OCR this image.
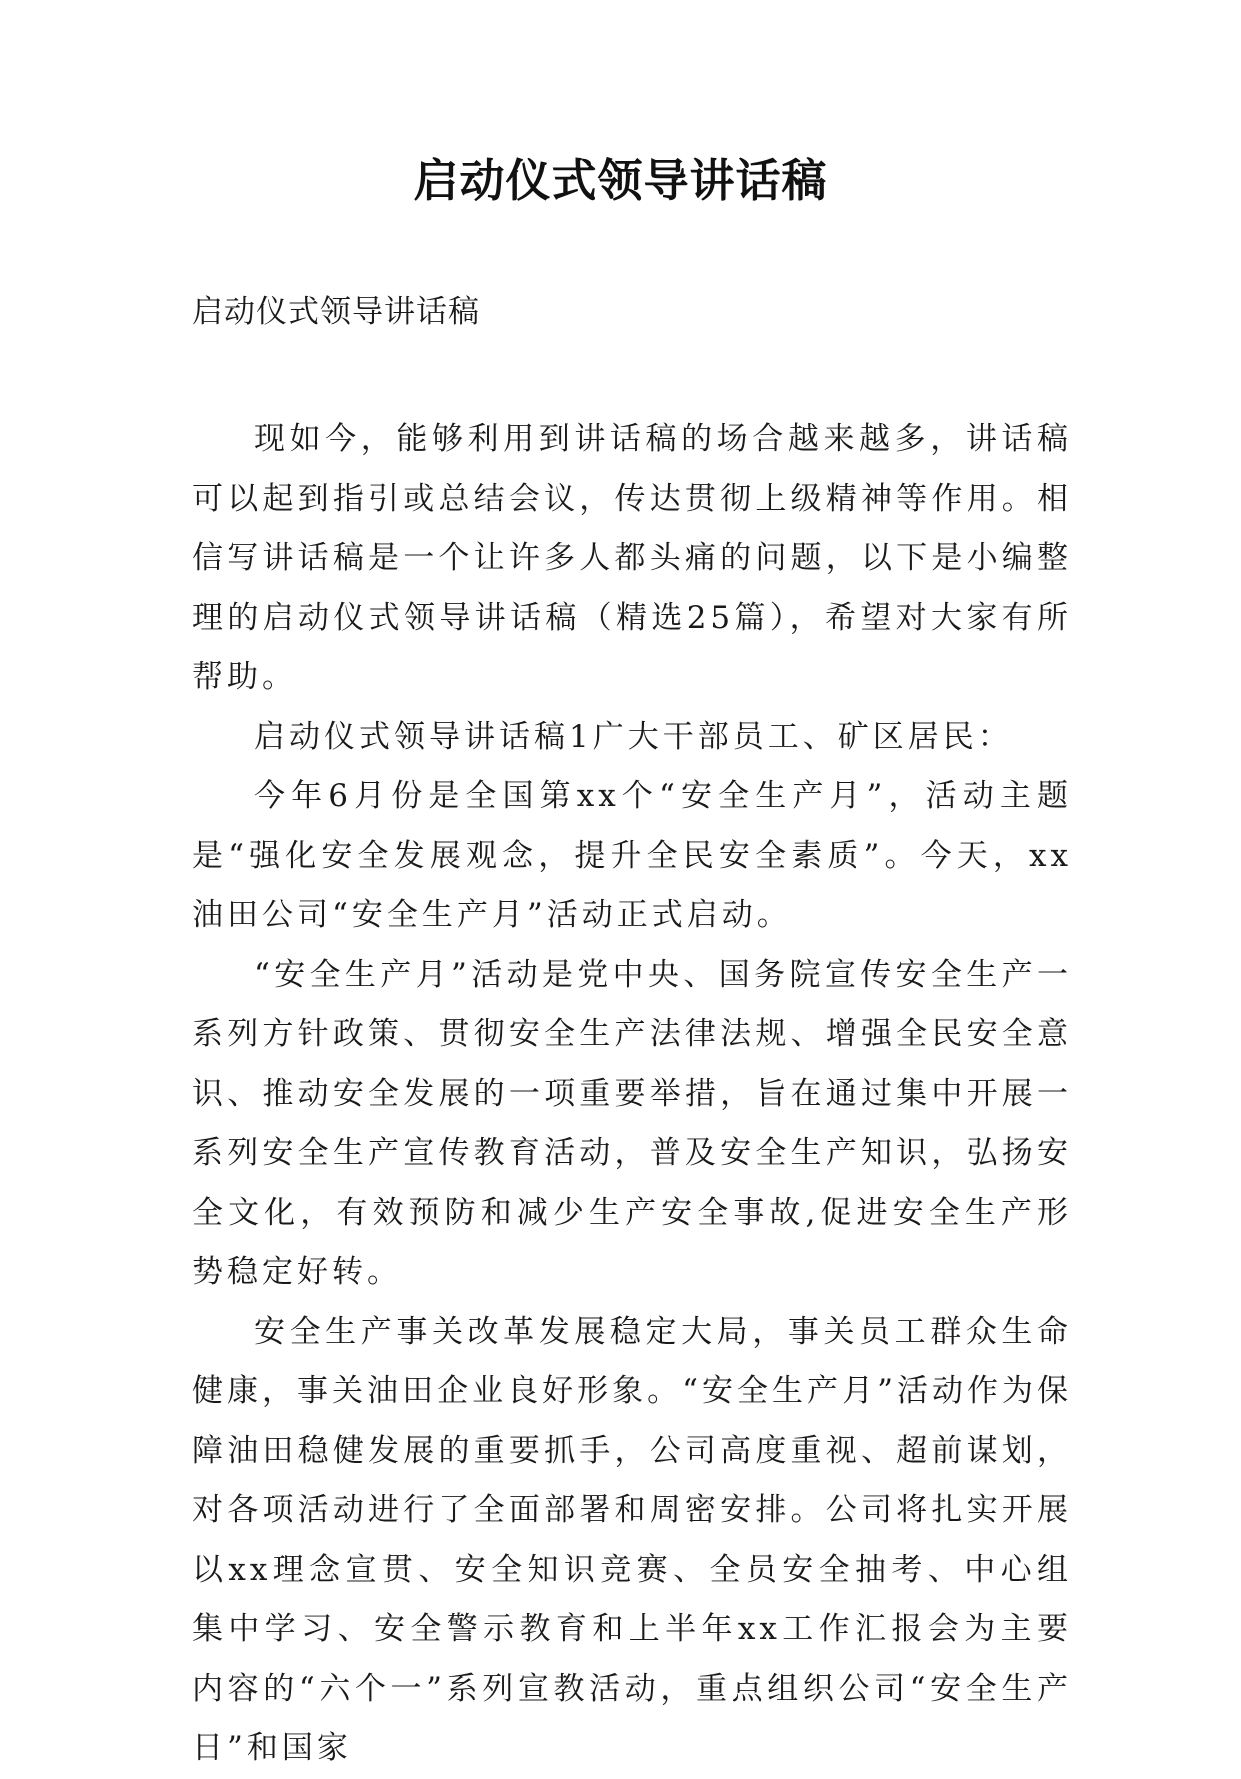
启动仪式领导讲话稿
启动仪式领导讲话稿

现如今，能够利用到讲话稿的场合越来越多，讲话稿可以起到指引或总结会议，传达贯彻上级精神等作用。相信写讲话稿是一个让许多人都头痛的问题，以下是小编整理的启动仪式领导讲话稿（精选25篇），希望对大家有所帮助。

启动仪式领导讲话稿1广大干部员工、矿区居民：

今年6月份是全国第xx个“安全生产月”，活动主题是“强化安全发展观念，提升全民安全素质”。今天，xx油田公司“安全生产月”活动正式启动。

“安全生产月”活动是党中央、国务院宣传安全生产一系列方针政策、贯彻安全生产法律法规、增强全民安全意识、推动安全发展的一项重要举措，旨在通过集中开展一系列安全生产宣传教育活动，普及安全生产知识，弘扬安全文化，有效预防和减少生产安全事故,促进安全生产形势稳定好转。

安全生产事关改革发展稳定大局，事关员工群众生命健康，事关油田企业良好形象。“安全生产月”活动作为保障油田稳健发展的重要抓手，公司高度重视、超前谋划，对各项活动进行了全面部署和周密安排。公司将扎实开展以xx理念宣贯、安全知识竞赛、全员安全抽考、中心组集中学习、安全警示教育和上半年xx工作汇报会为主要内容的“六个一”系列宣教活动，重点组织公司“安全生产日”和国家
